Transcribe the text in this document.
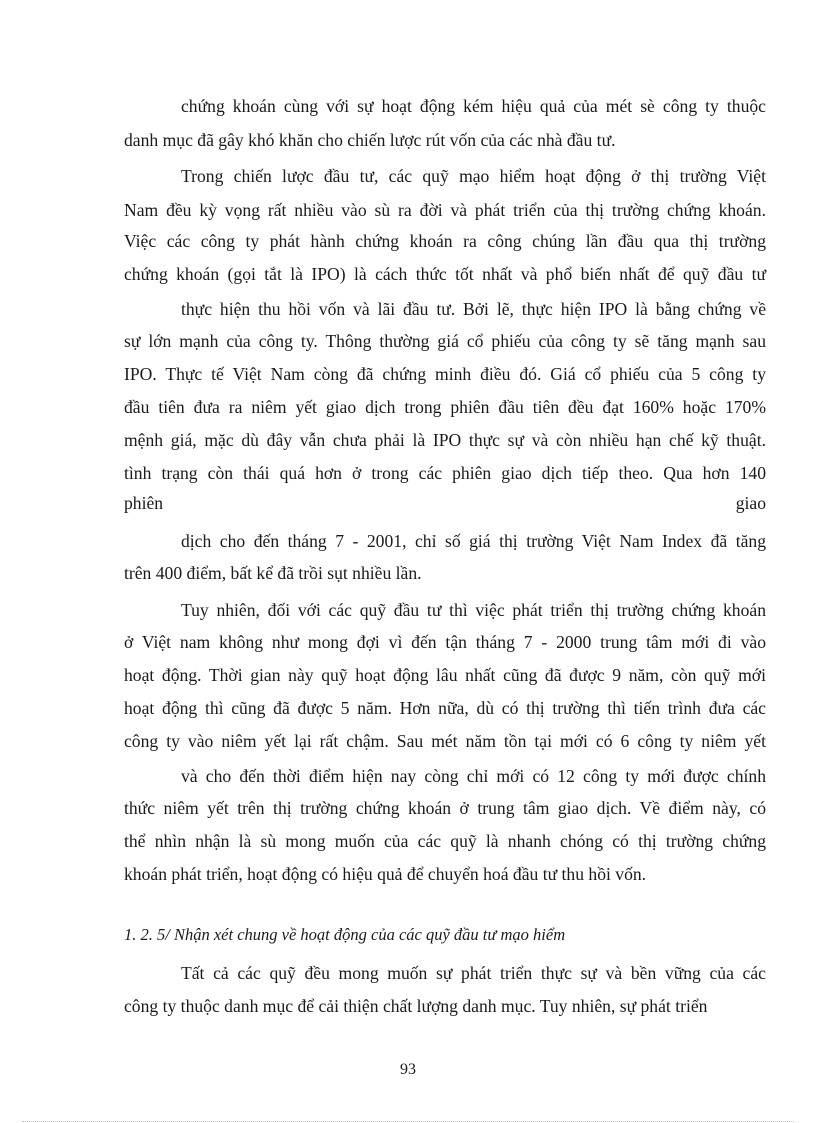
chứng khoán cùng với sự hoạt động kém hiệu quả của mét sè công ty thuộc

danh mục đã gây khó khăn cho chiến lược rút vốn của các nhà đầu tư.

Trong chiến lược đầu tư, các quỹ mạo hiểm hoạt động ở thị trường Việt

Nam đều kỳ vọng rất nhiều vào sù ra đời và phát triển của thị trường chứng khoán.

Việc các công ty phát hành chứng khoán ra công chúng lần đầu qua thị trường

chứng khoán (gọi tắt là IPO) là cách thức tốt nhất và phổ biến nhất để quỹ đầu tư

thực hiện thu hồi vốn và lãi đầu tư. Bởi lẽ, thực hiện IPO là bằng chứng về

sự lớn mạnh của công ty. Thông thường giá cổ phiếu của công ty sẽ tăng mạnh sau

IPO. Thực tế Việt Nam còng đã chứng minh điều đó. Giá cổ phiếu của 5 công ty

đầu tiên đưa ra niêm yết giao dịch trong phiên đầu tiên đều đạt 160% hoặc 170%

mệnh giá, mặc dù đây vẫn chưa phải là IPO thực sự và còn nhiều hạn chế kỹ thuật.

tình trạng còn thái quá hơn ở trong các phiên giao dịch tiếp theo. Qua hơn 140

phiên	giao

dịch cho đến tháng 7 - 2001, chỉ số giá thị trường Việt Nam Index đã tăng

trên 400 điểm, bất kể đã trồi sụt nhiều lần.

Tuy nhiên, đối với các quỹ đầu tư thì việc phát triển thị trường chứng khoán

ở Việt nam không như mong đợi vì đến tận tháng 7 - 2000 trung tâm mới đi vào

hoạt động. Thời gian này quỹ hoạt động lâu nhất cũng đã được 9 năm, còn quỹ mới

hoạt động thì cũng đã được 5 năm. Hơn nữa, dù có thị trường thì tiến trình đưa các

công ty vào niêm yết lại rất chậm. Sau mét năm tồn tại mới có 6 công ty niêm yết

và cho đến thời điểm hiện nay còng chỉ mới có 12 công ty mới được chính

thức niêm yết trên thị trường chứng khoán ở trung tâm giao dịch. Về điểm này, có

thể nhìn nhận là sù mong muốn của các quỹ là nhanh chóng có thị trường chứng

khoán phát triển, hoạt động có hiệu quả để chuyển hoá đầu tư thu hồi vốn.

1. 2. 5/ Nhận xét chung về hoạt động của các quỹ đầu tư mạo hiểm

Tất cả các quỹ đều mong muốn sự phát triển thực sự và bền vững của các

công ty thuộc danh mục để cải thiện chất lượng danh mục. Tuy nhiên, sự phát triển

93
